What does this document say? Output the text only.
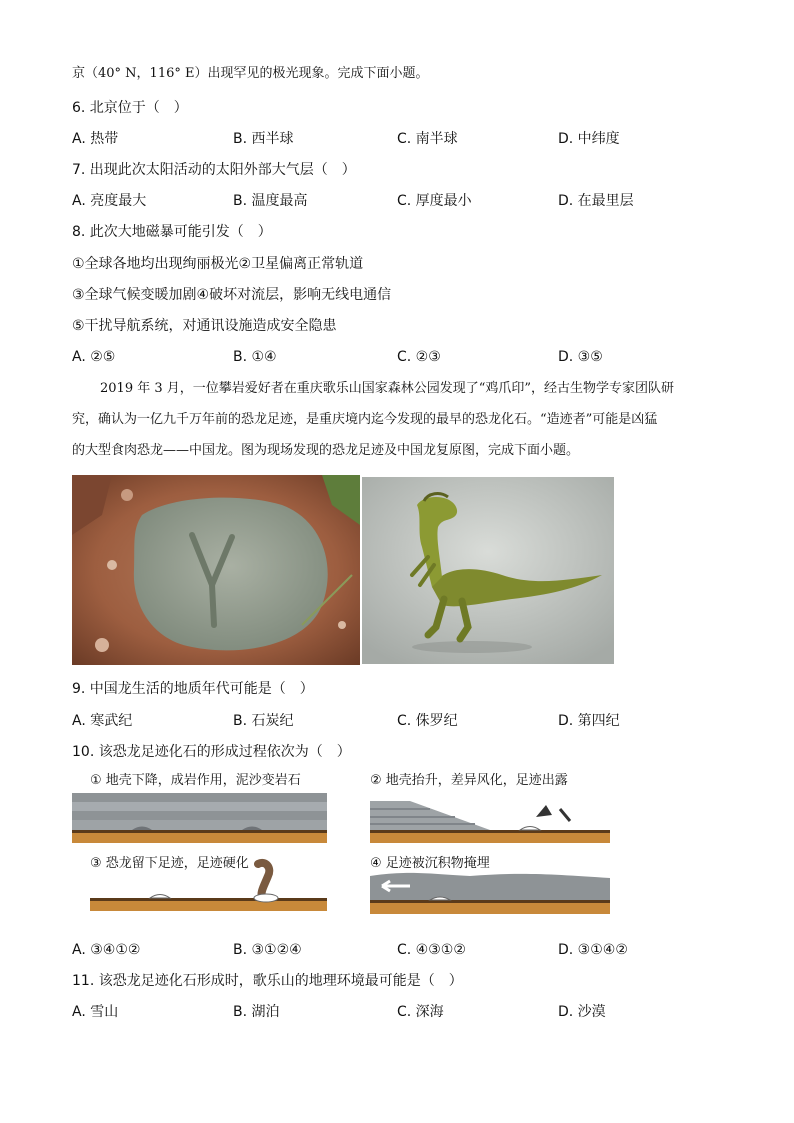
京（40° N，116° E）出现罕见的极光现象。完成下面小题。
6. 北京位于（　）
A. 热带	B. 西半球	C. 南半球	D. 中纬度
7. 出现此次太阳活动的太阳外部大气层（　）
A. 亮度最大	B. 温度最高	C. 厚度最小	D. 在最里层
8. 此次大地磁暴可能引发（　）
①全球各地均出现绚丽极光②卫星偏离正常轨道
③全球气候变暖加剧④破坏对流层，影响无线电通信
⑤干扰导航系统，对通讯设施造成安全隐患
A. ②⑤	B. ①④	C. ②③	D. ③⑤
2019 年 3 月，一位攀岩爱好者在重庆歌乐山国家森林公园发现了“鸡爪印”，经古生物学专家团队研
究，确认为一亿九千万年前的恐龙足迹，是重庆境内迄今发现的最早的恐龙化石。“造迹者”可能是凶猛
的大型食肉恐龙——中国龙。图为现场发现的恐龙足迹及中国龙复原图，完成下面小题。
9. 中国龙生活的地质年代可能是（　）
A. 寒武纪	B. 石炭纪	C. 侏罗纪	D. 第四纪
10. 该恐龙足迹化石的形成过程依次为（　）
① 地壳下降，成岩作用，泥沙变岩石	② 地壳抬升，差异风化，足迹出露
③ 恐龙留下足迹，足迹硬化	④ 足迹被沉积物掩埋
A. ③④①②	B. ③①②④	C. ④③①②	D. ③①④②
11. 该恐龙足迹化石形成时，歌乐山的地理环境最可能是（　）
A. 雪山	B. 湖泊	C. 深海	D. 沙漠
